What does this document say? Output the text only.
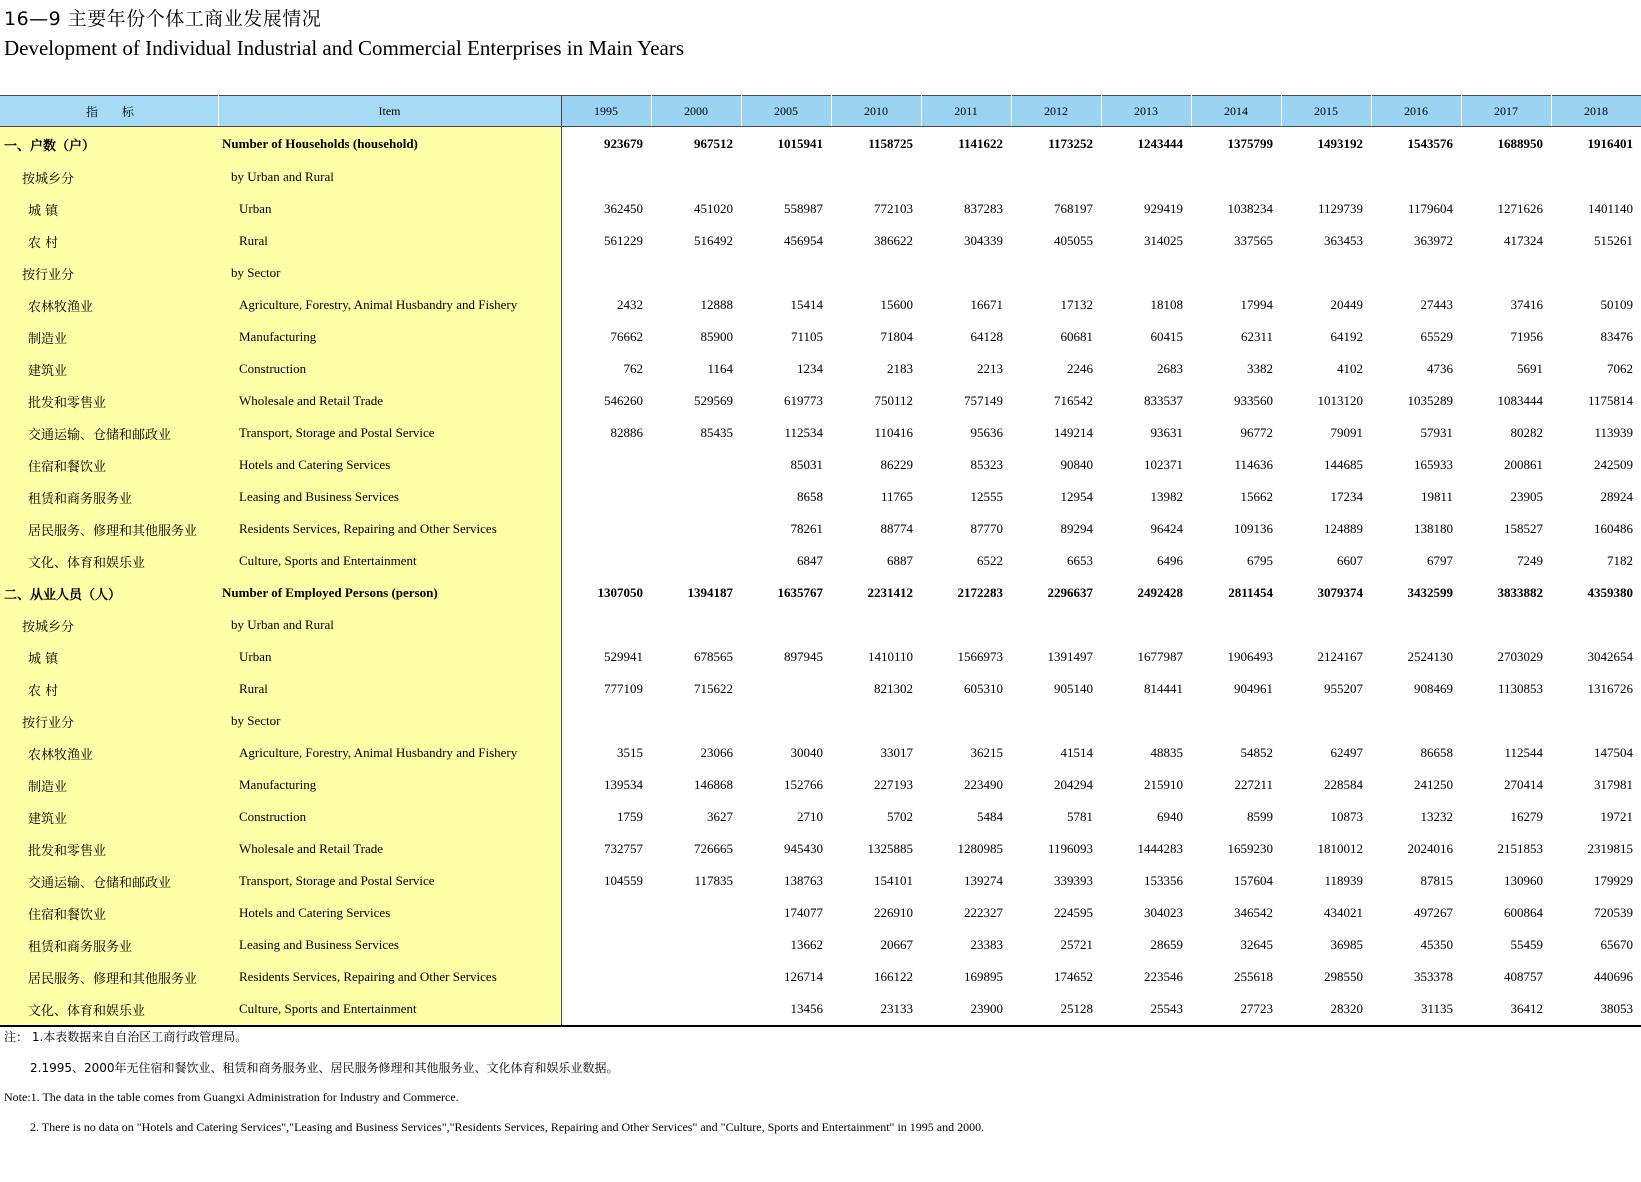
16—9 主要年份个体工商业发展情况
Development of Individual Industrial and Commercial Enterprises in Main Years
指 标	Item	1995	2000	2005	2010	2011	2012	2013	2014	2015	2016	2017	2018
一、户数（户）	Number of Households (household)	923679	967512	1015941	1158725	1141622	1173252	1243444	1375799	1493192	1543576	1688950	1916401
按城乡分	by Urban and Rural												
城 镇	Urban	362450	451020	558987	772103	837283	768197	929419	1038234	1129739	1179604	1271626	1401140
农 村	Rural	561229	516492	456954	386622	304339	405055	314025	337565	363453	363972	417324	515261
按行业分	by Sector												
农林牧渔业	Agriculture, Forestry, Animal Husbandry and Fishery	2432	12888	15414	15600	16671	17132	18108	17994	20449	27443	37416	50109
制造业	Manufacturing	76662	85900	71105	71804	64128	60681	60415	62311	64192	65529	71956	83476
建筑业	Construction	762	1164	1234	2183	2213	2246	2683	3382	4102	4736	5691	7062
批发和零售业	Wholesale and Retail Trade	546260	529569	619773	750112	757149	716542	833537	933560	1013120	1035289	1083444	1175814
交通运输、仓储和邮政业	Transport, Storage and Postal Service	82886	85435	112534	110416	95636	149214	93631	96772	79091	57931	80282	113939
住宿和餐饮业	Hotels and Catering Services			85031	86229	85323	90840	102371	114636	144685	165933	200861	242509
租赁和商务服务业	Leasing and Business Services			8658	11765	12555	12954	13982	15662	17234	19811	23905	28924
居民服务、修理和其他服务业	Residents Services, Repairing and Other Services			78261	88774	87770	89294	96424	109136	124889	138180	158527	160486
文化、体育和娱乐业	Culture, Sports and Entertainment			6847	6887	6522	6653	6496	6795	6607	6797	7249	7182
二、从业人员（人）	Number of Employed Persons (person)	1307050	1394187	1635767	2231412	2172283	2296637	2492428	2811454	3079374	3432599	3833882	4359380
按城乡分	by Urban and Rural												
城 镇	Urban	529941	678565	897945	1410110	1566973	1391497	1677987	1906493	2124167	2524130	2703029	3042654
农 村	Rural	777109	715622		821302	605310	905140	814441	904961	955207	908469	1130853	1316726
按行业分	by Sector												
农林牧渔业	Agriculture, Forestry, Animal Husbandry and Fishery	3515	23066	30040	33017	36215	41514	48835	54852	62497	86658	112544	147504
制造业	Manufacturing	139534	146868	152766	227193	223490	204294	215910	227211	228584	241250	270414	317981
建筑业	Construction	1759	3627	2710	5702	5484	5781	6940	8599	10873	13232	16279	19721
批发和零售业	Wholesale and Retail Trade	732757	726665	945430	1325885	1280985	1196093	1444283	1659230	1810012	2024016	2151853	2319815
交通运输、仓储和邮政业	Transport, Storage and Postal Service	104559	117835	138763	154101	139274	339393	153356	157604	118939	87815	130960	179929
住宿和餐饮业	Hotels and Catering Services			174077	226910	222327	224595	304023	346542	434021	497267	600864	720539
租赁和商务服务业	Leasing and Business Services			13662	20667	23383	25721	28659	32645	36985	45350	55459	65670
居民服务、修理和其他服务业	Residents Services, Repairing and Other Services			126714	166122	169895	174652	223546	255618	298550	353378	408757	440696
文化、体育和娱乐业	Culture, Sports and Entertainment			13456	23133	23900	25128	25543	27723	28320	31135	36412	38053
注： 1.本表数据来自自治区工商行政管理局。
2.1995、2000年无住宿和餐饮业、租赁和商务服务业、居民服务修理和其他服务业、文化体育和娱乐业数据。
Note:1. The data in the table comes from Guangxi Administration for Industry and Commerce.
2. There is no data on "Hotels and Catering Services","Leasing and Business Services","Residents Services, Repairing and Other Services" and "Culture, Sports and Entertainment" in 1995 and 2000.
